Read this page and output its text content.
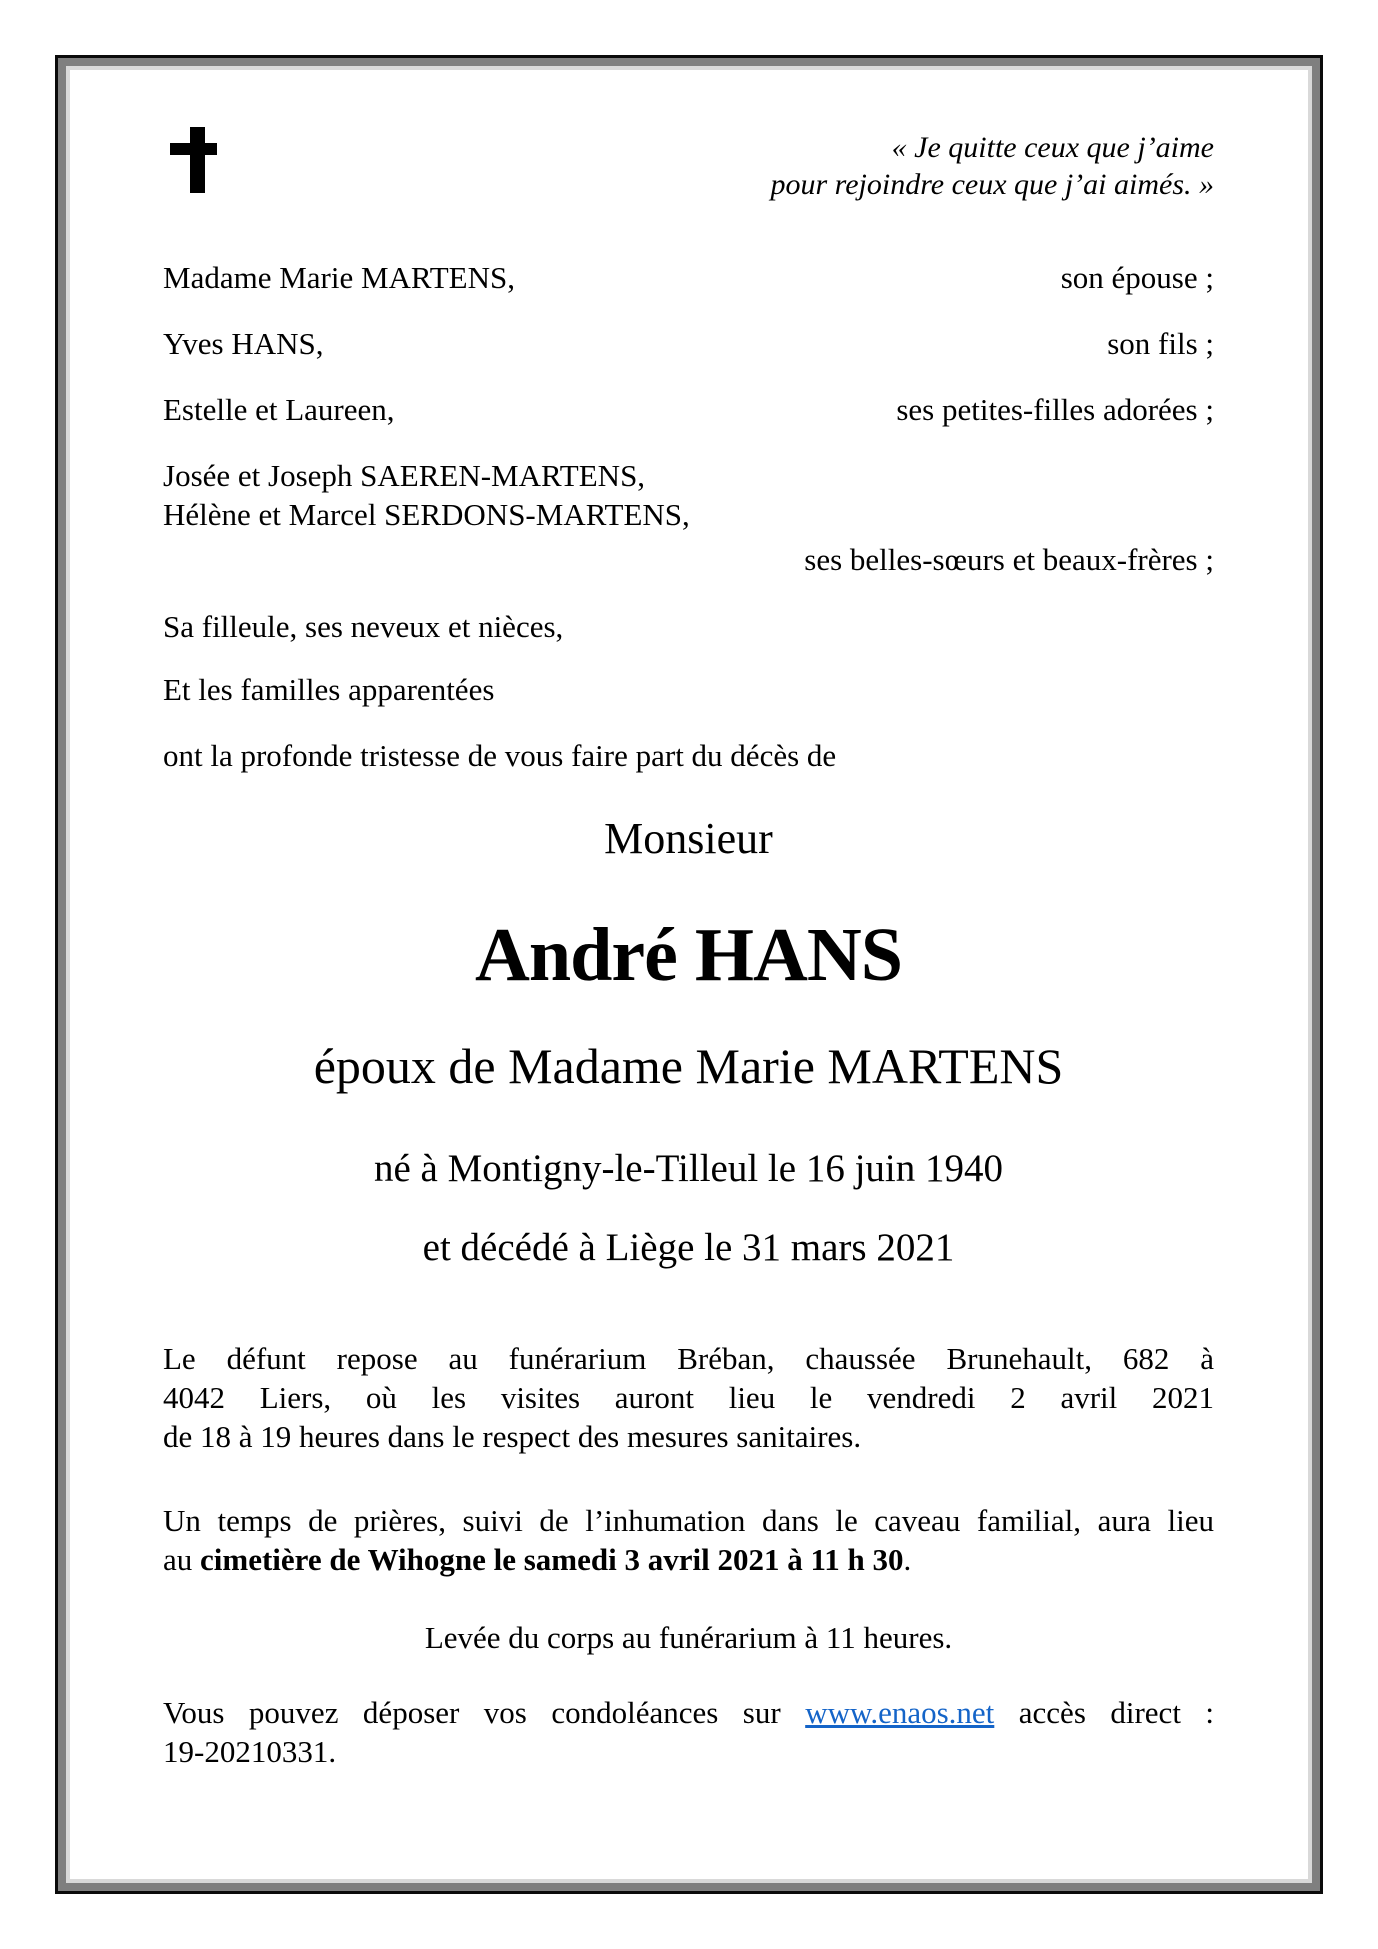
« Je quitte ceux que j’aime
pour rejoindre ceux que j’ai aimés. »
Madame Marie MARTENS,	son épouse ;
Yves HANS,	son fils ;
Estelle et Laureen,	ses petites-filles adorées ;
Josée et Joseph SAEREN-MARTENS,
Hélène et Marcel SERDONS-MARTENS,
ses belles-sœurs et beaux-frères ;
Sa filleule, ses neveux et nièces,
Et les familles apparentées
ont la profonde tristesse de vous faire part du décès de
Monsieur
André HANS
époux de Madame Marie MARTENS
né à Montigny-le-Tilleul le 16 juin 1940
et décédé à Liège le 31 mars 2021
Le défunt repose au funérarium Bréban, chaussée Brunehault, 682 à
4042 Liers, où les visites auront lieu le vendredi 2 avril 2021
de 18 à 19 heures dans le respect des mesures sanitaires.
Un temps de prières, suivi de l’inhumation dans le caveau familial, aura lieu
au cimetière de Wihogne le samedi 3 avril 2021 à 11 h 30.
Levée du corps au funérarium à 11 heures.
Vous pouvez déposer vos condoléances sur www.enaos.net accès direct :
19-20210331.
